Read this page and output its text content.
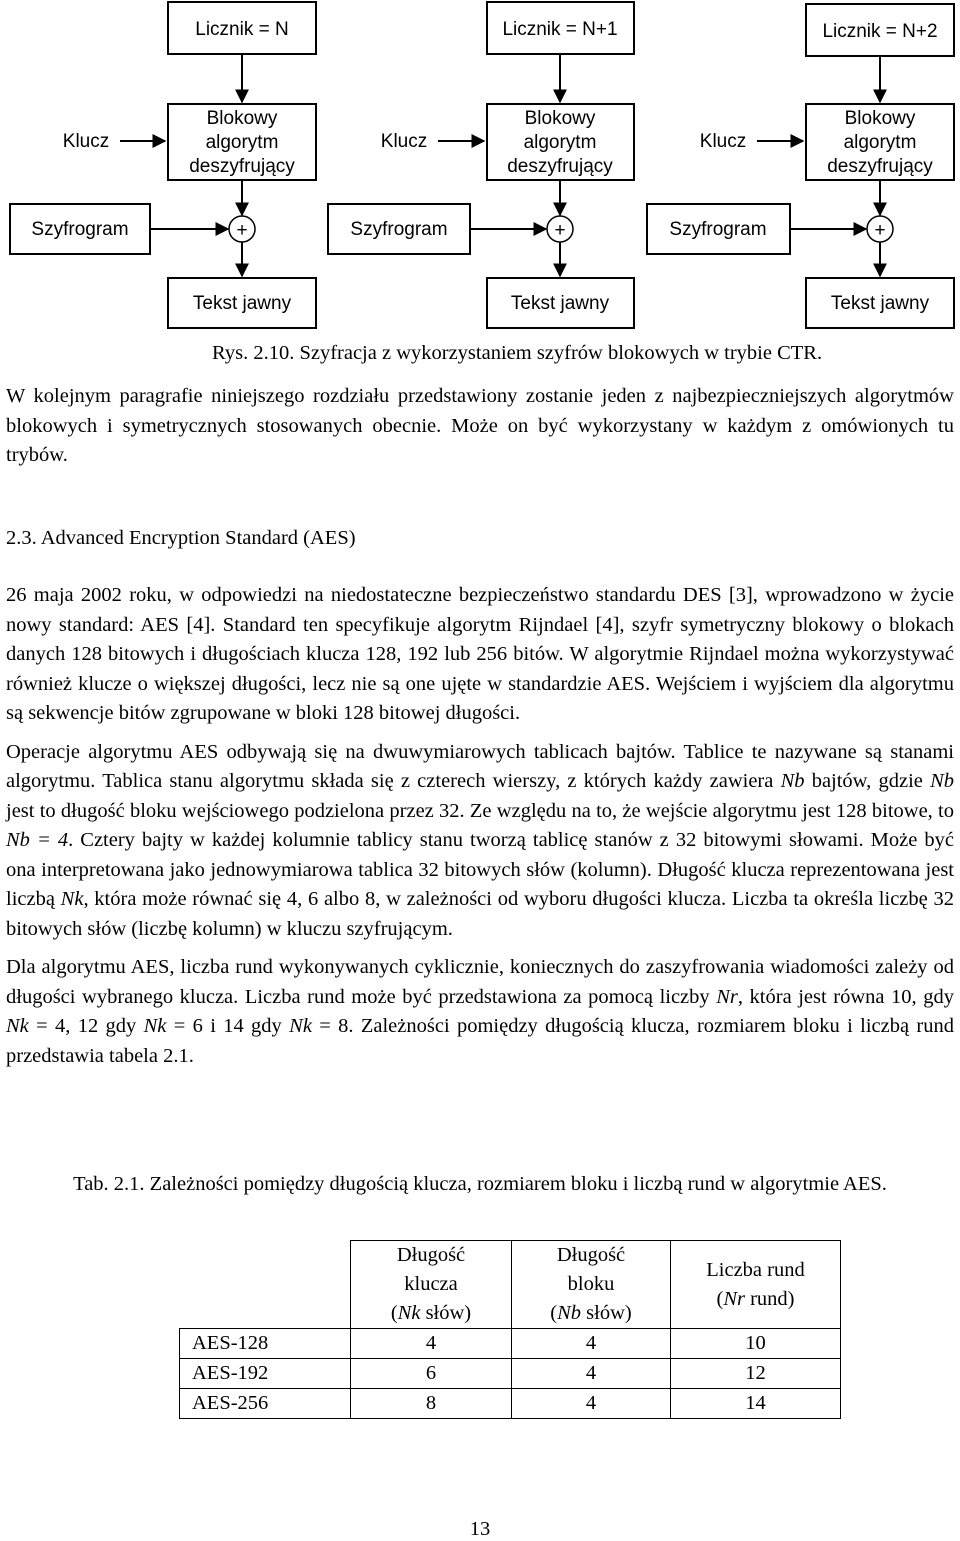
Licznik = N
Klucz
Blokowy
algorytm
deszyfrujący
Szyfrogram	+
Tekst jawny
Licznik = N+1
Klucz
Blokowy
algorytm
deszyfrujący
Szyfrogram	+
Tekst jawny
Licznik = N+2
Klucz
Blokowy
algorytm
deszyfrujący
Szyfrogram	+
Tekst jawny
Rys. 2.10. Szyfracja z wykorzystaniem szyfrów blokowych w trybie CTR.

W kolejnym paragrafie niniejszego rozdziału przedstawiony zostanie jeden z najbezpieczniejszych algorytmów blokowych i symetrycznych stosowanych obecnie. Może on być wykorzystany w każdym z omówionych tu trybów.

2.3. Advanced Encryption Standard (AES)

26 maja 2002 roku, w odpowiedzi na niedostateczne bezpieczeństwo standardu DES [3], wprowadzono w życie nowy standard: AES [4]. Standard ten specyfikuje algorytm Rijndael [4], szyfr symetryczny blokowy o blokach danych 128 bitowych i długościach klucza 128, 192 lub 256 bitów. W algorytmie Rijndael można wykorzystywać również klucze o większej długości, lecz nie są one ujęte w standardzie AES. Wejściem i wyjściem dla algorytmu są sekwencje bitów zgrupowane w bloki 128 bitowej długości.

Operacje algorytmu AES odbywają się na dwuwymiarowych tablicach bajtów. Tablice te nazywane są stanami algorytmu. Tablica stanu algorytmu składa się z czterech wierszy, z których każdy zawiera Nb bajtów, gdzie Nb jest to długość bloku wejściowego podzielona przez 32. Ze względu na to, że wejście algorytmu jest 128 bitowe, to Nb = 4. Cztery bajty w każdej kolumnie tablicy stanu tworzą tablicę stanów z 32 bitowymi słowami. Może być ona interpretowana jako jednowymiarowa tablica 32 bitowych słów (kolumn). Długość klucza reprezentowana jest liczbą Nk, która może równać się 4, 6 albo 8, w zależności od wyboru długości klucza. Liczba ta określa liczbę 32 bitowych słów (liczbę kolumn) w kluczu szyfrującym.

Dla algorytmu AES, liczba rund wykonywanych cyklicznie, koniecznych do zaszyfrowania wiadomości zależy od długości wybranego klucza. Liczba rund może być przedstawiona za pomocą liczby Nr, która jest równa 10, gdy Nk = 4, 12 gdy Nk = 6 i 14 gdy Nk = 8. Zależności pomiędzy długością klucza, rozmiarem bloku i liczbą rund przedstawia tabela 2.1.

Tab. 2.1. Zależności pomiędzy długością klucza, rozmiarem bloku i liczbą rund w algorytmie AES.
	Długość
klucza
(Nk słów)	Długość
bloku
(Nb słów)	Liczba rund
(Nr rund)
AES-128	4	4	10
AES-192	6	4	12
AES-256	8	4	14
13
